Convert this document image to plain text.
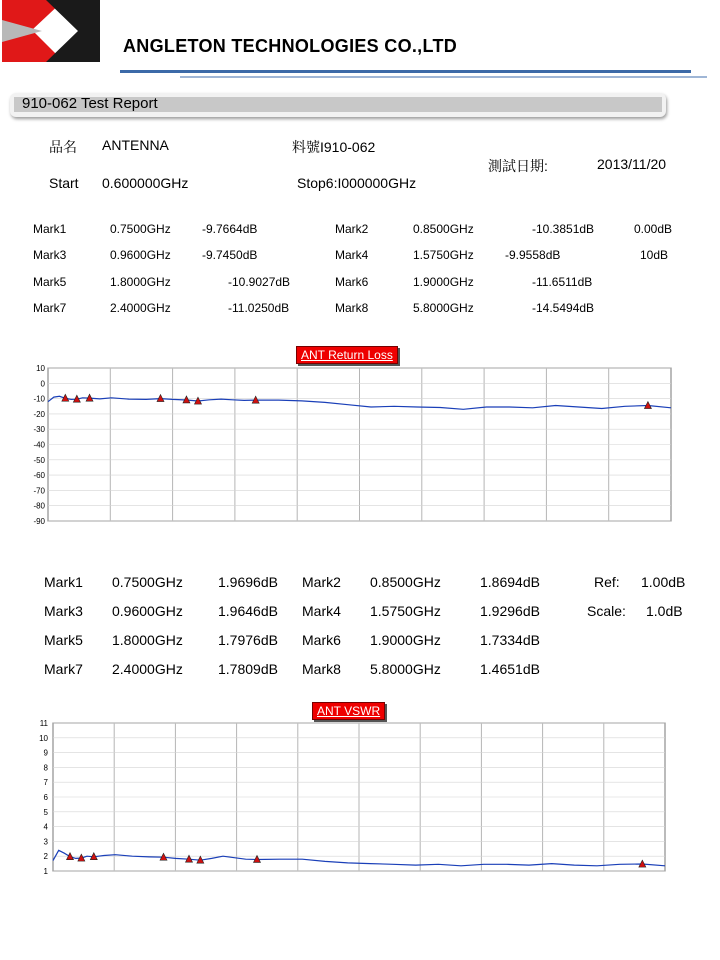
ANGLETON TECHNOLOGIES CO.,LTD
910-062 Test Report
品名 ANTENNA	料號I910-062
測試日期:	2013/11/20
Start 0.600000GHz	Stop6:I000000GHz
Mark1	0.7500GHz	-9.7664dB	Mark2	0.8500GHz	-10.3851dB	0.00dB
Mark3	0.9600GHz	-9.7450dB	Mark4	1.5750GHz	-9.9558dB	10dB
Mark5	1.8000GHz	-10.9027dB	Mark6	1.9000GHz	-11.6511dB
Mark7	2.4000GHz	-11.0250dB	Mark8	5.8000GHz	-14.5494dB
ANT Return Loss
10
0
-10
-20
-30
-40
-50
-60
-70
-80
-90
Mark1 0.7500GHz	1.9696dB Mark2 0.8500GHz	1.8694dB	Ref: 1.00dB
Mark3 0.9600GHz	1.9646dB Mark4 1.5750GHz	1.9296dB	Scale: 1.0dB
Mark5 1.8000GHz	1.7976dB Mark6 1.9000GHz	1.7334dB
Mark7 2.4000GHz	1.7809dB Mark8 5.8000GHz	1.4651dB
ANT VSWR
11
10
9
8
7
6
5
4
3
2
1
